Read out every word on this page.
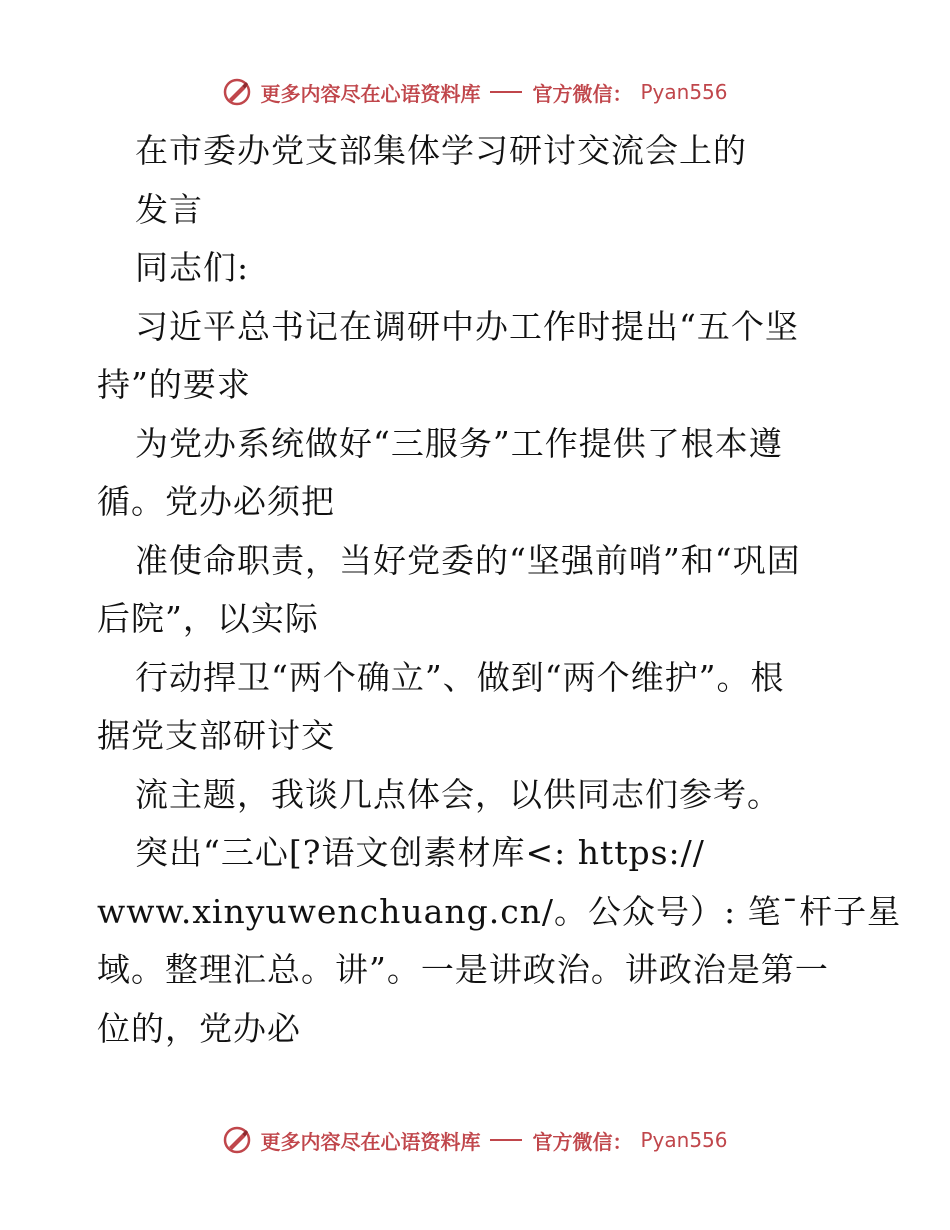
更多内容尽在心语资料库	官方微信： Pyan556
在市委办党支部集体学习研讨交流会上的
发言
同志们:
习近平总书记在调研中办工作时提出“五个坚
持”的要求
为党办系统做好“三服务”工作提供了根本遵
循。党办必须把
准使命职责，当好党委的“坚强前哨”和“巩固
后院”，以实际
行动捍卫“两个确立”、做到“两个维护”。根
据党支部研讨交
流主题，我谈几点体会，以供同志们参考。
突出“三心[?语文创素材库<: https://
www.xinyuwenchuang.cn/。公众号）: 笔¯杆子星
域。整理汇总。讲”。一是讲政治。讲政治是第一
位的，党办必
更多内容尽在心语资料库	官方微信： Pyan556
